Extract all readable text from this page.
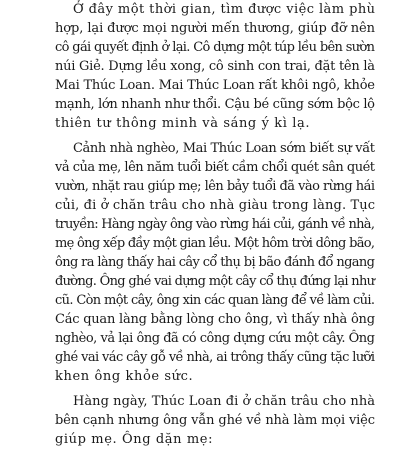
Ở đây một thời gian, tìm được việc làm phù
hợp, lại được mọi người mến thương, giúp đỡ nên
cô gái quyết định ở lại. Cô dựng một túp lều bên sườn
núi Giẻ. Dựng lều xong, cô sinh con trai, đặt tên là
Mai Thúc Loan. Mai Thúc Loan rất khôi ngô, khỏe
mạnh, lớn nhanh như thổi. Cậu bé cũng sớm bộc lộ
thiên tư thông minh và sáng ý kì lạ.
Cảnh nhà nghèo, Mai Thúc Loan sớm biết sự vất
vả của mẹ, lên năm tuổi biết cầm chổi quét sân quét
vườn, nhặt rau giúp mẹ; lên bảy tuổi đã vào rừng hái
củi, đi ở chăn trâu cho nhà giàu trong làng. Tục
truyền: Hàng ngày ông vào rừng hái củi, gánh về nhà,
mẹ ông xếp đầy một gian lều. Một hôm trời dông bão,
ông ra làng thấy hai cây cổ thụ bị bão đánh đổ ngang
đường. Ông ghé vai dựng một cây cổ thụ đứng lại như
cũ. Còn một cây, ông xin các quan làng để về làm củi.
Các quan làng bằng lòng cho ông, vì thấy nhà ông
nghèo, vả lại ông đã có công dựng cứu một cây. Ông
ghé vai vác cây gỗ về nhà, ai trông thấy cũng tặc lưỡi
khen ông khỏe sức.
Hàng ngày, Thúc Loan đi ở chăn trâu cho nhà
bên cạnh nhưng ông vẫn ghé về nhà làm mọi việc
giúp mẹ. Ông dặn mẹ:
